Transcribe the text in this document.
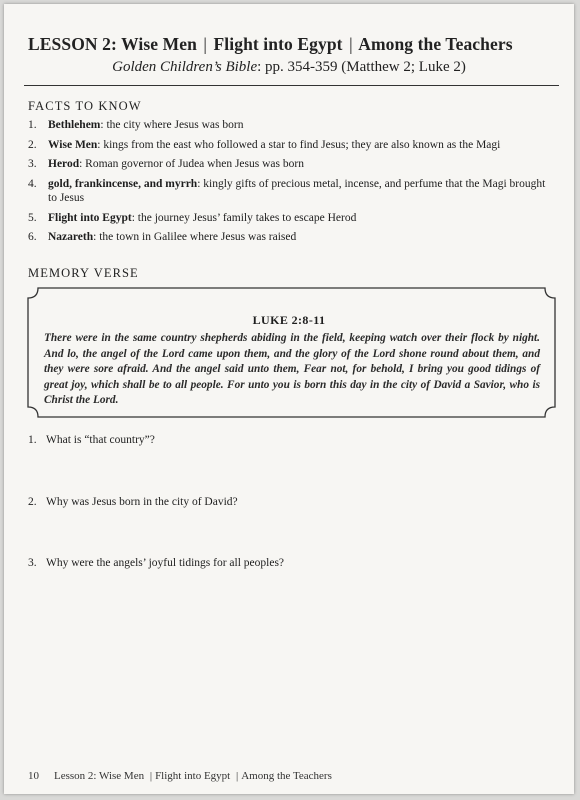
LESSON 2: Wise Men | Flight into Egypt | Among the Teachers
Golden Children’s Bible: pp. 354-359 (Matthew 2; Luke 2)
FACTS TO KNOW
1. Bethlehem: the city where Jesus was born
2. Wise Men: kings from the east who followed a star to find Jesus; they are also known as the Magi
3. Herod: Roman governor of Judea when Jesus was born
4. gold, frankincense, and myrrh: kingly gifts of precious metal, incense, and perfume that the Magi brought to Jesus
5. Flight into Egypt: the journey Jesus’ family takes to escape Herod
6. Nazareth: the town in Galilee where Jesus was raised
MEMORY VERSE
LUKE 2:8-11
There were in the same country shepherds abiding in the field, keeping watch over their flock by night. And lo, the angel of the Lord came upon them, and the glory of the Lord shone round about them, and they were sore afraid. And the angel said unto them, Fear not, for behold, I bring you good tidings of great joy, which shall be to all people. For unto you is born this day in the city of David a Savior, who is Christ the Lord.
1. What is “that country”?
2. Why was Jesus born in the city of David?
3. Why were the angels’ joyful tidings for all peoples?
10 Lesson 2: Wise Men | Flight into Egypt | Among the Teachers
